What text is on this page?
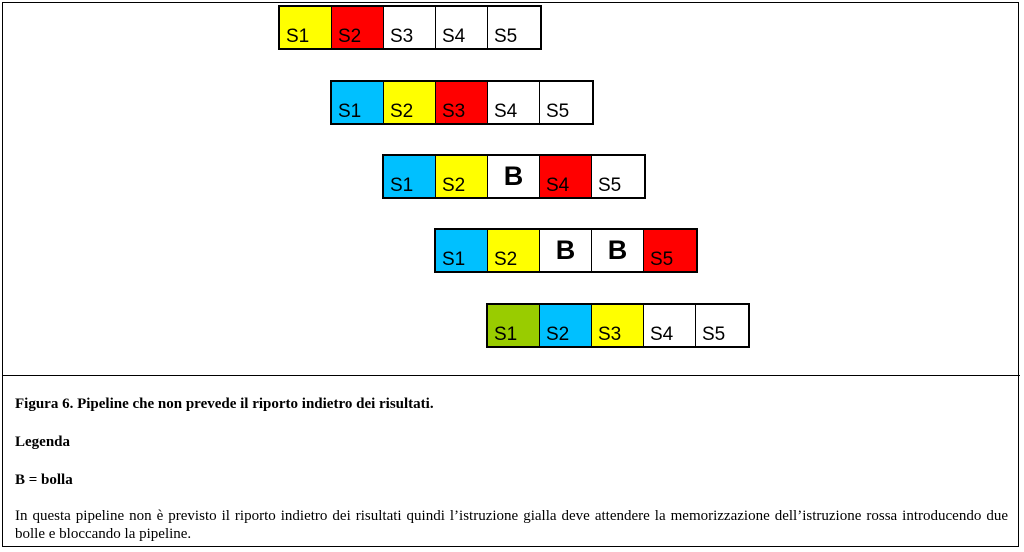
S1 S2 S3 S4 S5
S1 S2 S3 S4 S5
S1 S2	B	S4 S5
S1 S2	B	B	S5
S1 S2 S3 S4 S5

Figura 6. Pipeline che non prevede il riporto indietro dei risultati.

Legenda

B = bolla

In questa pipeline non è previsto il riporto indietro dei risultati quindi l’istruzione gialla deve attendere la memorizzazione dell’istruzione rossa introducendo due bolle e bloccando la pipeline.
